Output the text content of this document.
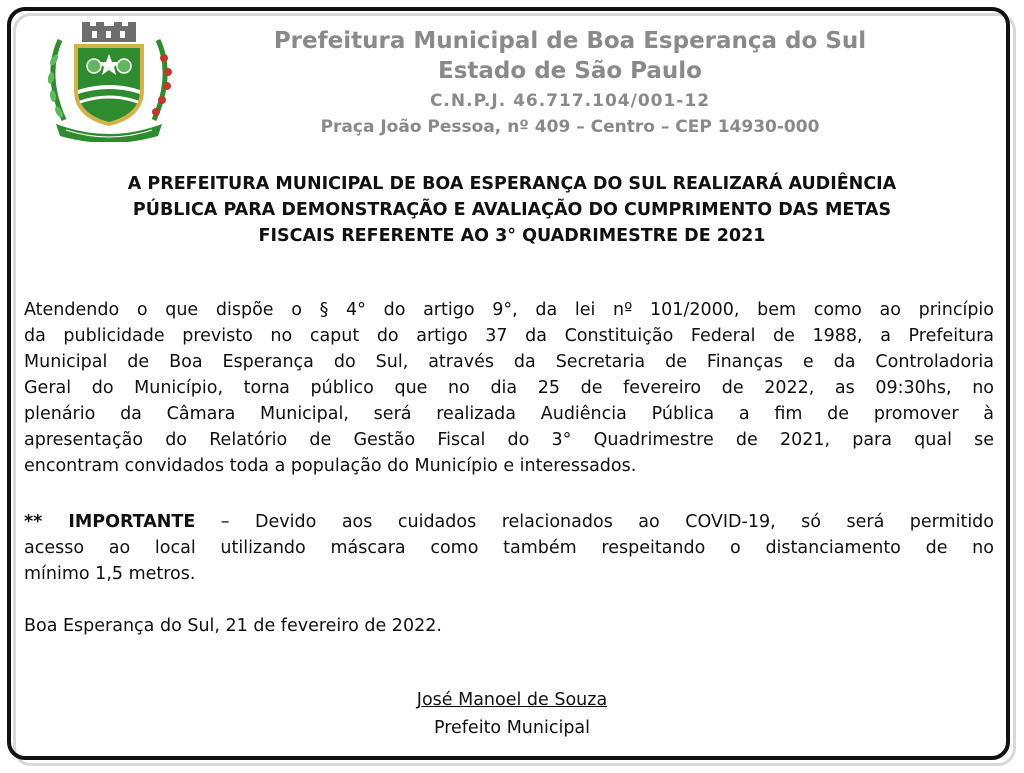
Prefeitura Municipal de Boa Esperança do Sul
Estado de São Paulo
C.N.P.J. 46.717.104/001-12
Praça João Pessoa, nº 409 – Centro – CEP 14930-000
A PREFEITURA MUNICIPAL DE BOA ESPERANÇA DO SUL REALIZARÁ AUDIÊNCIA
PÚBLICA PARA DEMONSTRAÇÃO E AVALIAÇÃO DO CUMPRIMENTO DAS METAS
FISCAIS REFERENTE AO 3° QUADRIMESTRE DE 2021
Atendendo o que dispõe o § 4° do artigo 9°, da lei nº 101/2000, bem como ao princípio
da publicidade previsto no caput do artigo 37 da Constituição Federal de 1988, a Prefeitura
Municipal de Boa Esperança do Sul, através da Secretaria de Finanças e da Controladoria
Geral do Município, torna público que no dia 25 de fevereiro de 2022, as 09:30hs, no
plenário da Câmara Municipal, será realizada Audiência Pública a fim de promover à
apresentação do Relatório de Gestão Fiscal do 3° Quadrimestre de 2021, para qual se
encontram convidados toda a população do Município e interessados.
** IMPORTANTE – Devido aos cuidados relacionados ao COVID-19, só será permitido
acesso ao local utilizando máscara como também respeitando o distanciamento de no
mínimo 1,5 metros.
Boa Esperança do Sul, 21 de fevereiro de 2022.
José Manoel de Souza
Prefeito Municipal
